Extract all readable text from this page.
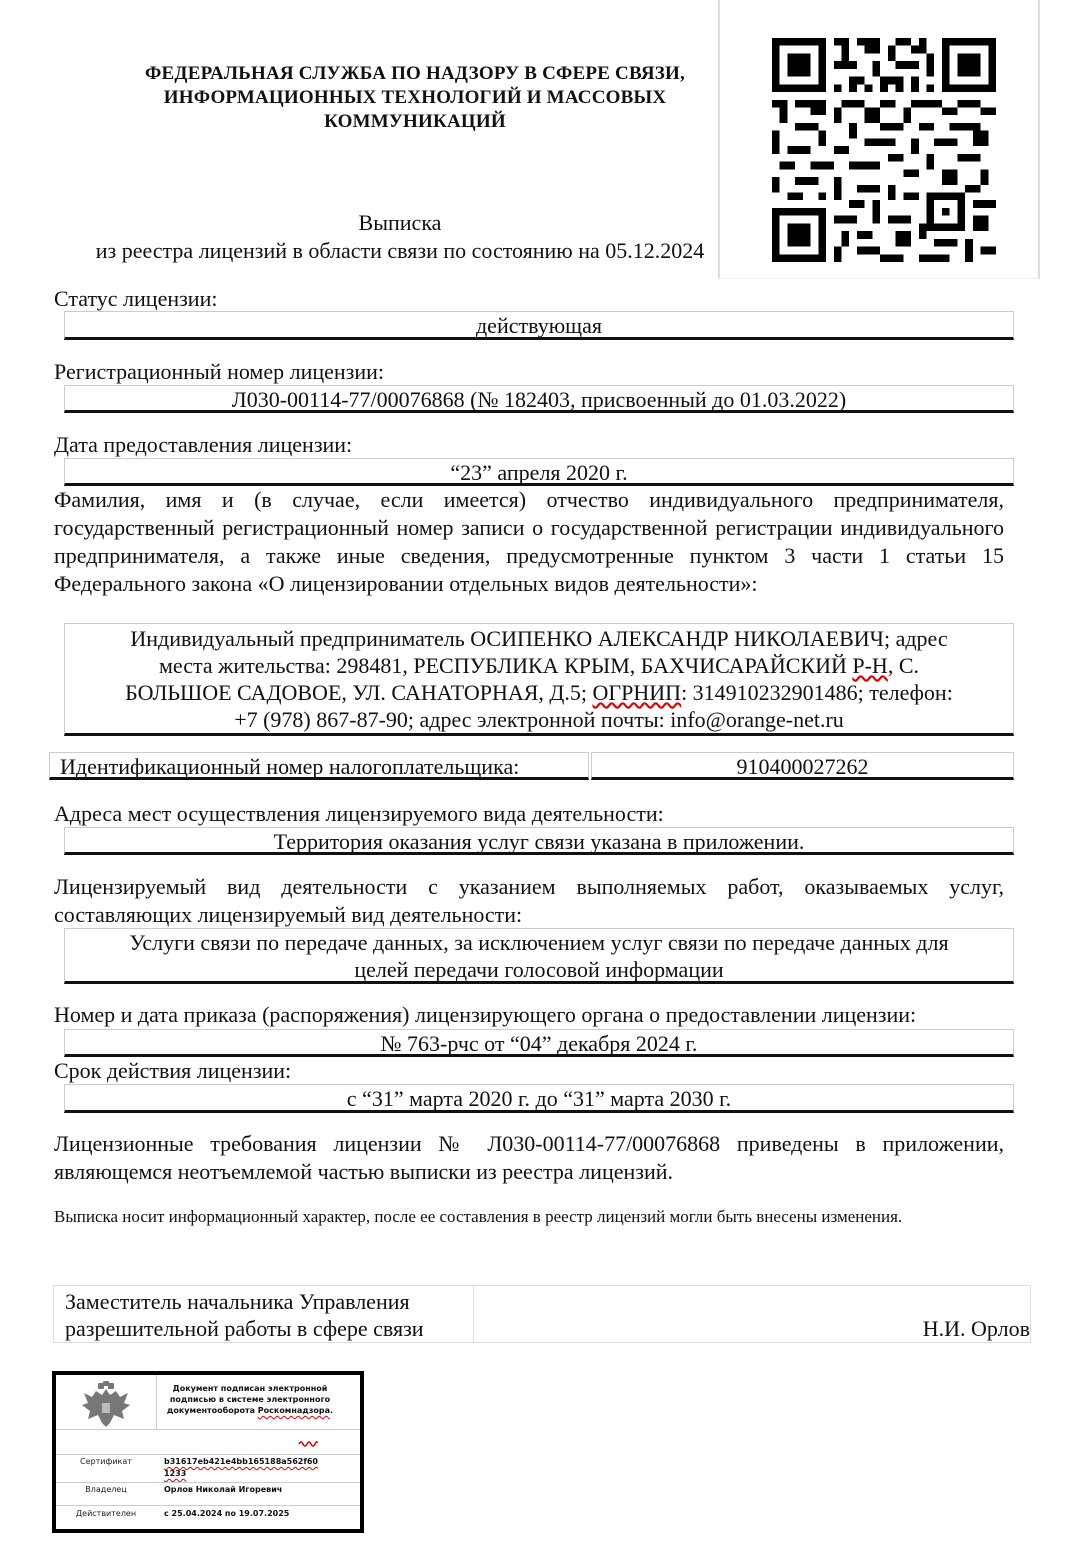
ФЕДЕРАЛЬНАЯ СЛУЖБА ПО НАДЗОРУ В СФЕРЕ СВЯЗИ,
ИНФОРМАЦИОННЫХ ТЕХНОЛОГИЙ И МАССОВЫХ
КОММУНИКАЦИЙ
Выписка
из реестра лицензий в области связи по состоянию на 05.12.2024
Статус лицензии:
действующая
Регистрационный номер лицензии:
Л030-00114-77/00076868 (№ 182403, присвоенный до 01.03.2022)
Дата предоставления лицензии:
“23” апреля 2020 г.
Фамилия, имя и (в случае, если имеется) отчество индивидуального предпринимателя, государственный регистрационный номер записи о государственной регистрации индивидуального предпринимателя, а также иные сведения, предусмотренные пунктом 3 части 1 статьи 15 Федерального закона «О лицензировании отдельных видов деятельности»:
Индивидуальный предприниматель ОСИПЕНКО АЛЕКСАНДР НИКОЛАЕВИЧ; адрес
места жительства: 298481, РЕСПУБЛИКА КРЫМ, БАХЧИСАРАЙСКИЙ Р-Н, С.
БОЛЬШОЕ САДОВОЕ, УЛ. САНАТОРНАЯ, Д.5; ОГРНИП: 314910232901486; телефон:
+7 (978) 867-87-90; адрес электронной почты: info@orange-net.ru
Идентификационный номер налогоплательщика:	910400027262
Адреса мест осуществления лицензируемого вида деятельности:
Территория оказания услуг связи указана в приложении.
Лицензируемый вид деятельности с указанием выполняемых работ, оказываемых услуг, составляющих лицензируемый вид деятельности:
Услуги связи по передаче данных, за исключением услуг связи по передаче данных для
целей передачи голосовой информации
Номер и дата приказа (распоряжения) лицензирующего органа о предоставлении лицензии:
№ 763-рчс от “04” декабря 2024 г.
Срок действия лицензии:
с “31” марта 2020 г. до “31” марта 2030 г.
Лицензионные требования лицензии № Л030-00114-77/00076868 приведены в приложении, являющемся неотъемлемой частью выписки из реестра лицензий.
Выписка носит информационный характер, после ее составления в реестр лицензий могли быть внесены изменения.
Заместитель начальника Управления
разрешительной работы в сфере связи	Н.И. Орлов
Документ подписан электронной
подписью в системе электронного
документооборота Роскомнадзора.
Сертификат	b31617eb421e4bb165188a562f60
1233
Владелец	Орлов Николай Игоревич
Действителен	с 25.04.2024 по 19.07.2025
